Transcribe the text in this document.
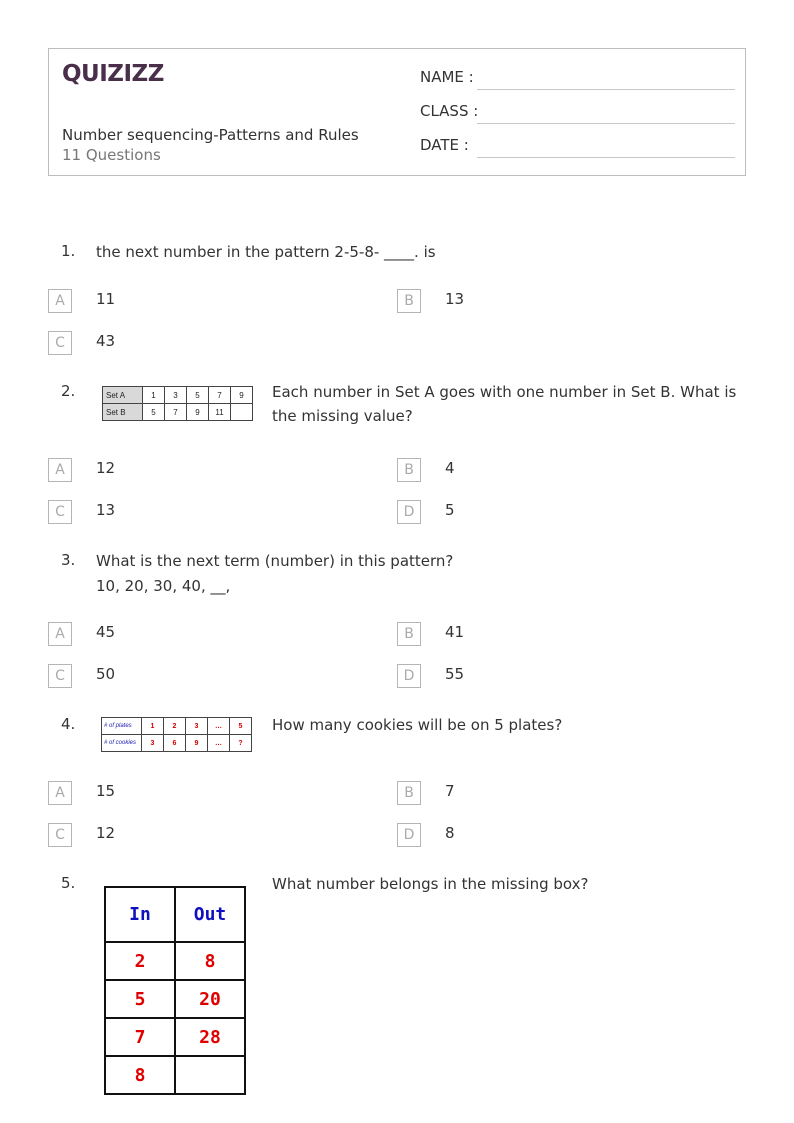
QUIZIZZ
Number sequencing-Patterns and Rules
11 Questions
NAME :
CLASS :
DATE :
1. the next number in the pattern 2-5-8- ____. is
A	11	B	13
C	43
2.	Set A	1	3	5	7	9
Set B	5	7	9	11	
Each number in Set A goes with one number in Set B. What is the missing value?
A	12	B	4
C	13	D	5
3. What is the next term (number) in this pattern?
10, 20, 30, 40, __,
A	45	B	41
C	50	D	55
4.	# of plates	1	2	3	…	5
# of cookies	3	6	9	…	?
How many cookies will be on 5 plates?
A	15	B	7
C	12	D	8
5.
In	Out
2	8
5	20
7	28
8	
What number belongs in the missing box?
